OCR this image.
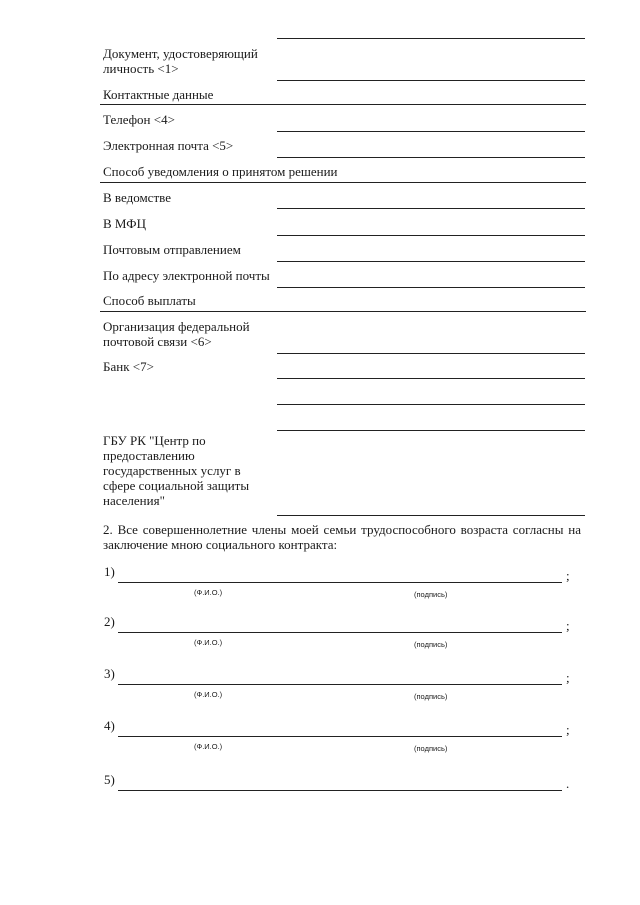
Документ, удостоверяющий
личность <1>
Контактные данные
Телефон <4>
Электронная почта <5>
Способ уведомления о принятом решении
В ведомстве
В МФЦ
Почтовым отправлением
По адресу электронной почты
Способ выплаты
Организация федеральной
почтовой связи <6>
Банк <7>
ГБУ РК "Центр по
предоставлению
государственных услуг в
сфере социальной защиты
населения"
2. Все совершеннолетние члены моей семьи трудоспособного возраста согласны на заключение мною социального контракта:
1)	;
(Ф.И.О.)	(подпись)
2)	;
(Ф.И.О.)	(подпись)
3)	;
(Ф.И.О.)	(подпись)
4)	;
(Ф.И.О.)	(подпись)
5)	.
